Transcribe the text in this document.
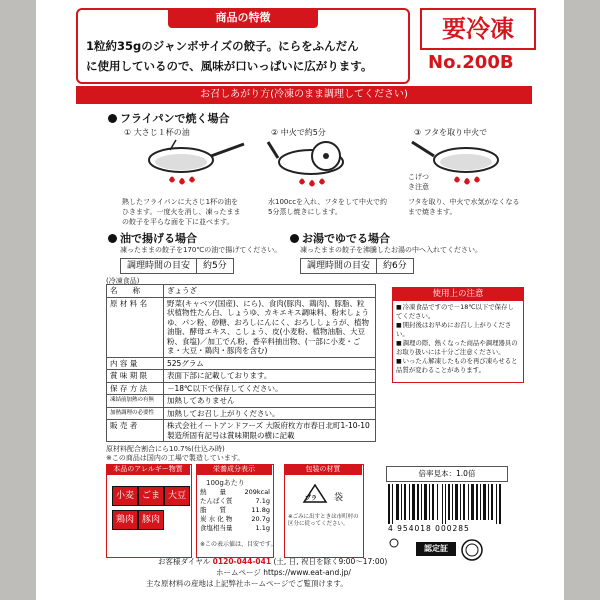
商品の特徴
1粒約35gのジャンボサイズの餃子。にらをふんだん
に使用しているので、風味が口いっぱいに広がります。
要冷凍
No.200B
お召しあがり方(冷凍のまま調理してください)
フライパンで焼く場合
① 大さじ１杯の油
熱したフライパンに大さじ1杯の油をひきます。一度火を消し、凍ったままの餃子を平らな面を下に並べます。
② 中火で約5分
水100ccを入れ、フタをして中火で約5分蒸し焼きにします。
③ フタを取り中火で
こげつき注意
フタを取り、中火で水気がなくなるまで焼きます。
油で揚げる場合
凍ったままの餃子を170℃の油で揚げてください。
調理時間の目安	約5分
お湯でゆでる場合
凍ったままの餃子を沸騰したお湯の中へ入れてください。
調理時間の目安	約6分
(冷凍食品)
名　　称	ぎょうざ
原 材 料 名	野菜(キャベツ(国産)、にら)、食肉(豚肉、鶏肉)、豚脂、粒状植物性たん白、しょうゆ、カキエキス調味料、粉末しょうゆ、パン粉、砂糖、おろしにんにく、おろししょうが、植物油脂、酵母エキス、こしょう、皮(小麦粉、植物油脂、大豆粉、食塩)／加工でん粉、香辛料抽出物、(一部に小麦・ごま・大豆・鶏肉・豚肉を含む)
内 容 量	525グラム
賞 味 期 限	表面下部に記載しております。
保 存 方 法	－18℃以下で保存してください。
凍結前加熱の有無	加熱してありません
加熱調理の必要性	加熱してお召し上がりください。
販 売 者	株式会社イートアンドフーズ 大阪府枚方市春日北町1-10-10 製造所固有記号は賞味期限の横に記載
原材料配合割合にら10.7%(仕込み時)
※この商品は国内の工場で製造しています。
使用上の注意
■ 冷凍食品ですので－18℃以下で保存してください。
■ 開封後はお早めにお召し上がりください。
■ 調理の際、熱くなった商品や調理器具のお取り扱いには十分ご注意ください。
■ いったん解凍したものを再び凍らせると品質が変わることがあります。
本品のアレルギー物質
小麦 ごま 大豆
鶏肉 豚肉
栄養成分表示
100gあたり
熱　　量	209kcal
たんぱく質	7.1g
脂　　質	11.8g
炭 水 化 物	20.7g
食塩相当量	1.1g
※この表示値は、目安です。
包装の材質
プラ 袋
※ごみに出すときは市町村の区分に従ってください。
倍率見本：1.0倍
4 954018 000285
認定証
お客様ダイヤル 0120-044-041 (土, 日, 祝日を除く9:00～17:00)
ホームページ https://www.eat-and.jp/
主な原材料の産地は上記弊社ホームページでご覧頂けます。
